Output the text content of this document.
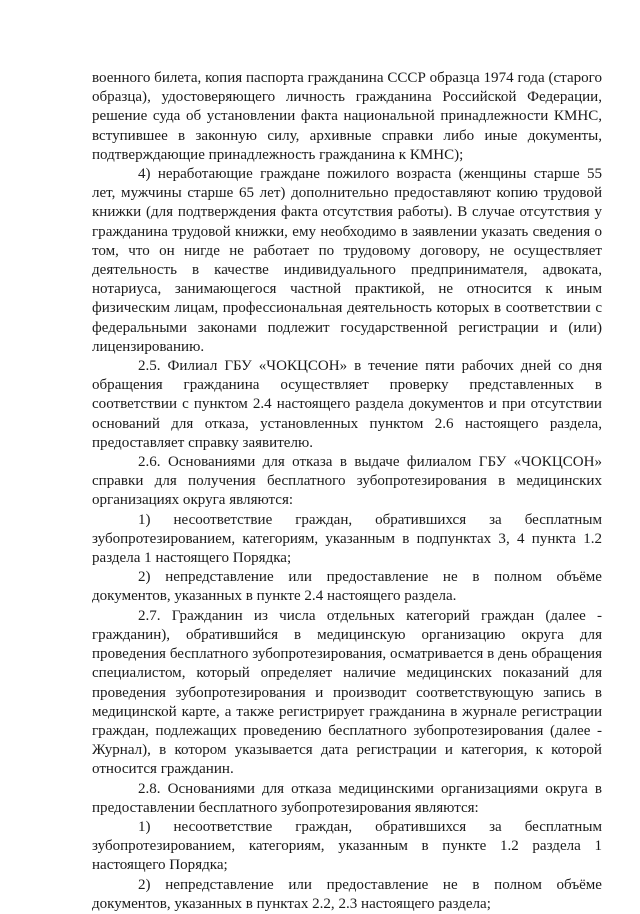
военного билета, копия паспорта гражданина СССР образца 1974 года (старого образца), удостоверяющего личность гражданина Российской Федерации, решение суда об установлении факта национальной принадлежности КМНС, вступившее в законную силу, архивные справки либо иные документы, подтверждающие принадлежность гражданина к КМНС);

4) неработающие граждане пожилого возраста (женщины старше 55 лет, мужчины старше 65 лет) дополнительно предоставляют копию трудовой книжки (для подтверждения факта отсутствия работы). В случае отсутствия у гражданина трудовой книжки, ему необходимо в заявлении указать сведения о том, что он нигде не работает по трудовому договору, не осуществляет деятельность в качестве индивидуального предпринимателя, адвоката, нотариуса, занимающегося частной практикой, не относится к иным физическим лицам, профессиональная деятельность которых в соответствии с федеральными законами подлежит государственной регистрации и (или) лицензированию.

2.5. Филиал ГБУ «ЧОКЦСОН» в течение пяти рабочих дней со дня обращения гражданина осуществляет проверку представленных в соответствии с пунктом 2.4 настоящего раздела документов и при отсутствии оснований для отказа, установленных пунктом 2.6 настоящего раздела, предоставляет справку заявителю.

2.6. Основаниями для отказа в выдаче филиалом ГБУ «ЧОКЦСОН» справки для получения бесплатного зубопротезирования в медицинских организациях округа являются:

1) несоответствие граждан, обратившихся за бесплатным зубопротезированием, категориям, указанным в подпунктах 3, 4 пункта 1.2 раздела 1 настоящего Порядка;

2) непредставление или предоставление не в полном объёме документов, указанных в пункте 2.4 настоящего раздела.

2.7. Гражданин из числа отдельных категорий граждан (далее - гражданин), обратившийся в медицинскую организацию округа для проведения бесплатного зубопротезирования, осматривается в день обращения специалистом, который определяет наличие медицинских показаний для проведения зубопротезирования и производит соответствующую запись в медицинской карте, а также регистрирует гражданина в журнале регистрации граждан, подлежащих проведению бесплатного зубопротезирования (далее - Журнал), в котором указывается дата регистрации и категория, к которой относится гражданин.

2.8. Основаниями для отказа медицинскими организациями округа в предоставлении бесплатного зубопротезирования являются:

1) несоответствие граждан, обратившихся за бесплатным зубопротезированием, категориям, указанным в пункте 1.2 раздела 1 настоящего Порядка;

2) непредставление или предоставление не в полном объёме документов, указанных в пунктах 2.2, 2.3 настоящего раздела;
